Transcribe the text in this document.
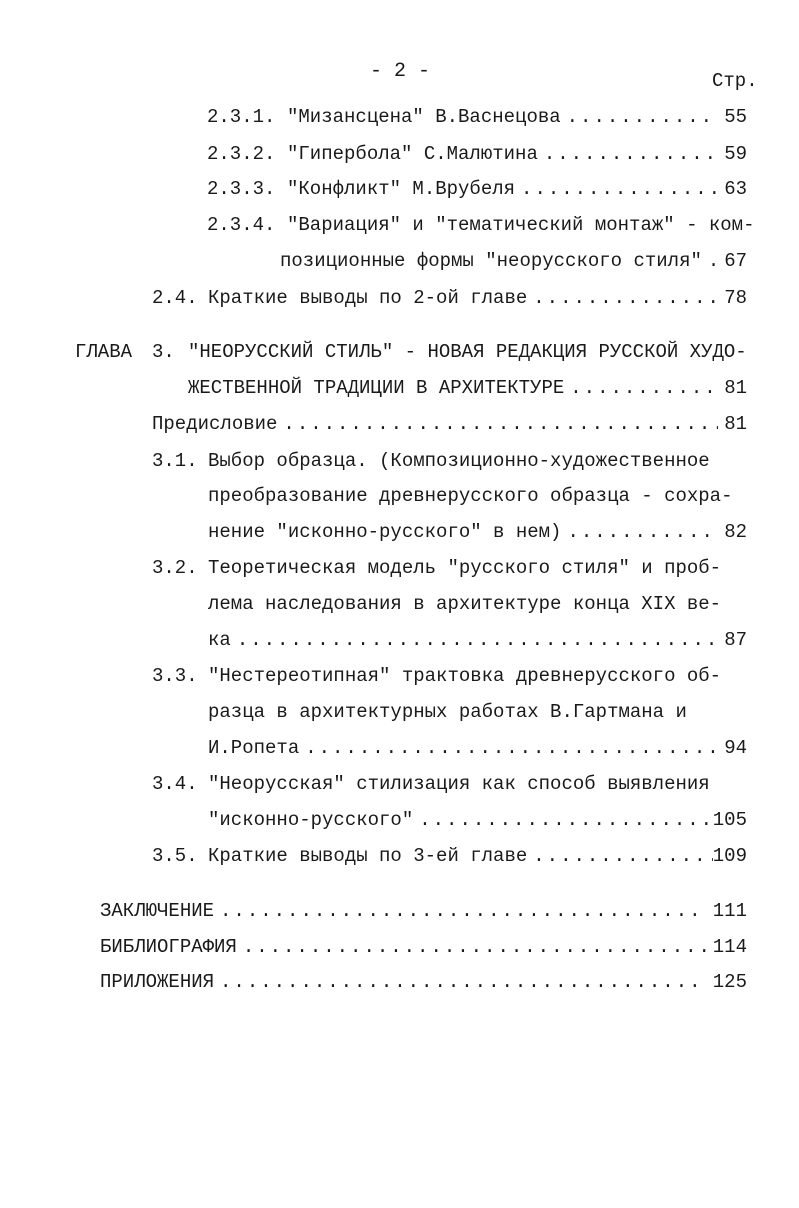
- 2 -	Стр.
2.3.1. "Мизансцена" В.Васнецова .....	55
2.3.2. "Гипербола" С.Малютина .....	59
2.3.3. "Конфликт" М.Врубеля .....	63
2.3.4. "Вариация" и "тематический монтаж" - ком-
позиционные формы "неорусского стиля" ..... 67
2.4. Краткие выводы по 2-ой главе .....	78
ГЛАВА 3. "НЕОРУССКИЙ СТИЛЬ" - НОВАЯ РЕДАКЦИЯ РУССКОЙ ХУДО-
ЖЕСТВЕННОЙ ТРАДИЦИИ В АРХИТЕКТУРЕ .....	81
Предисловие .....	81
3.1. Выбор образца. (Композиционно-художественное
преобразование древнерусского образца - сохра-
нение "исконно-русского" в нем) .....	82
3.2. Теоретическая модель "русского стиля" и проб-
лема наследования в архитектуре конца XIX ве-
ка .....	87
3.3. "Нестереотипная" трактовка древнерусского об-
разца в архитектурных работах В.Гартмана и
И.Ропета .....	94
3.4. "Неорусская" стилизация как способ выявления
"исконно-русского" .....	105
3.5. Краткие выводы по 3-ей главе .....	109
ЗАКЛЮЧЕНИЕ .....	111
БИБЛИОГРАФИЯ .....	114
ПРИЛОЖЕНИЯ .....	125
